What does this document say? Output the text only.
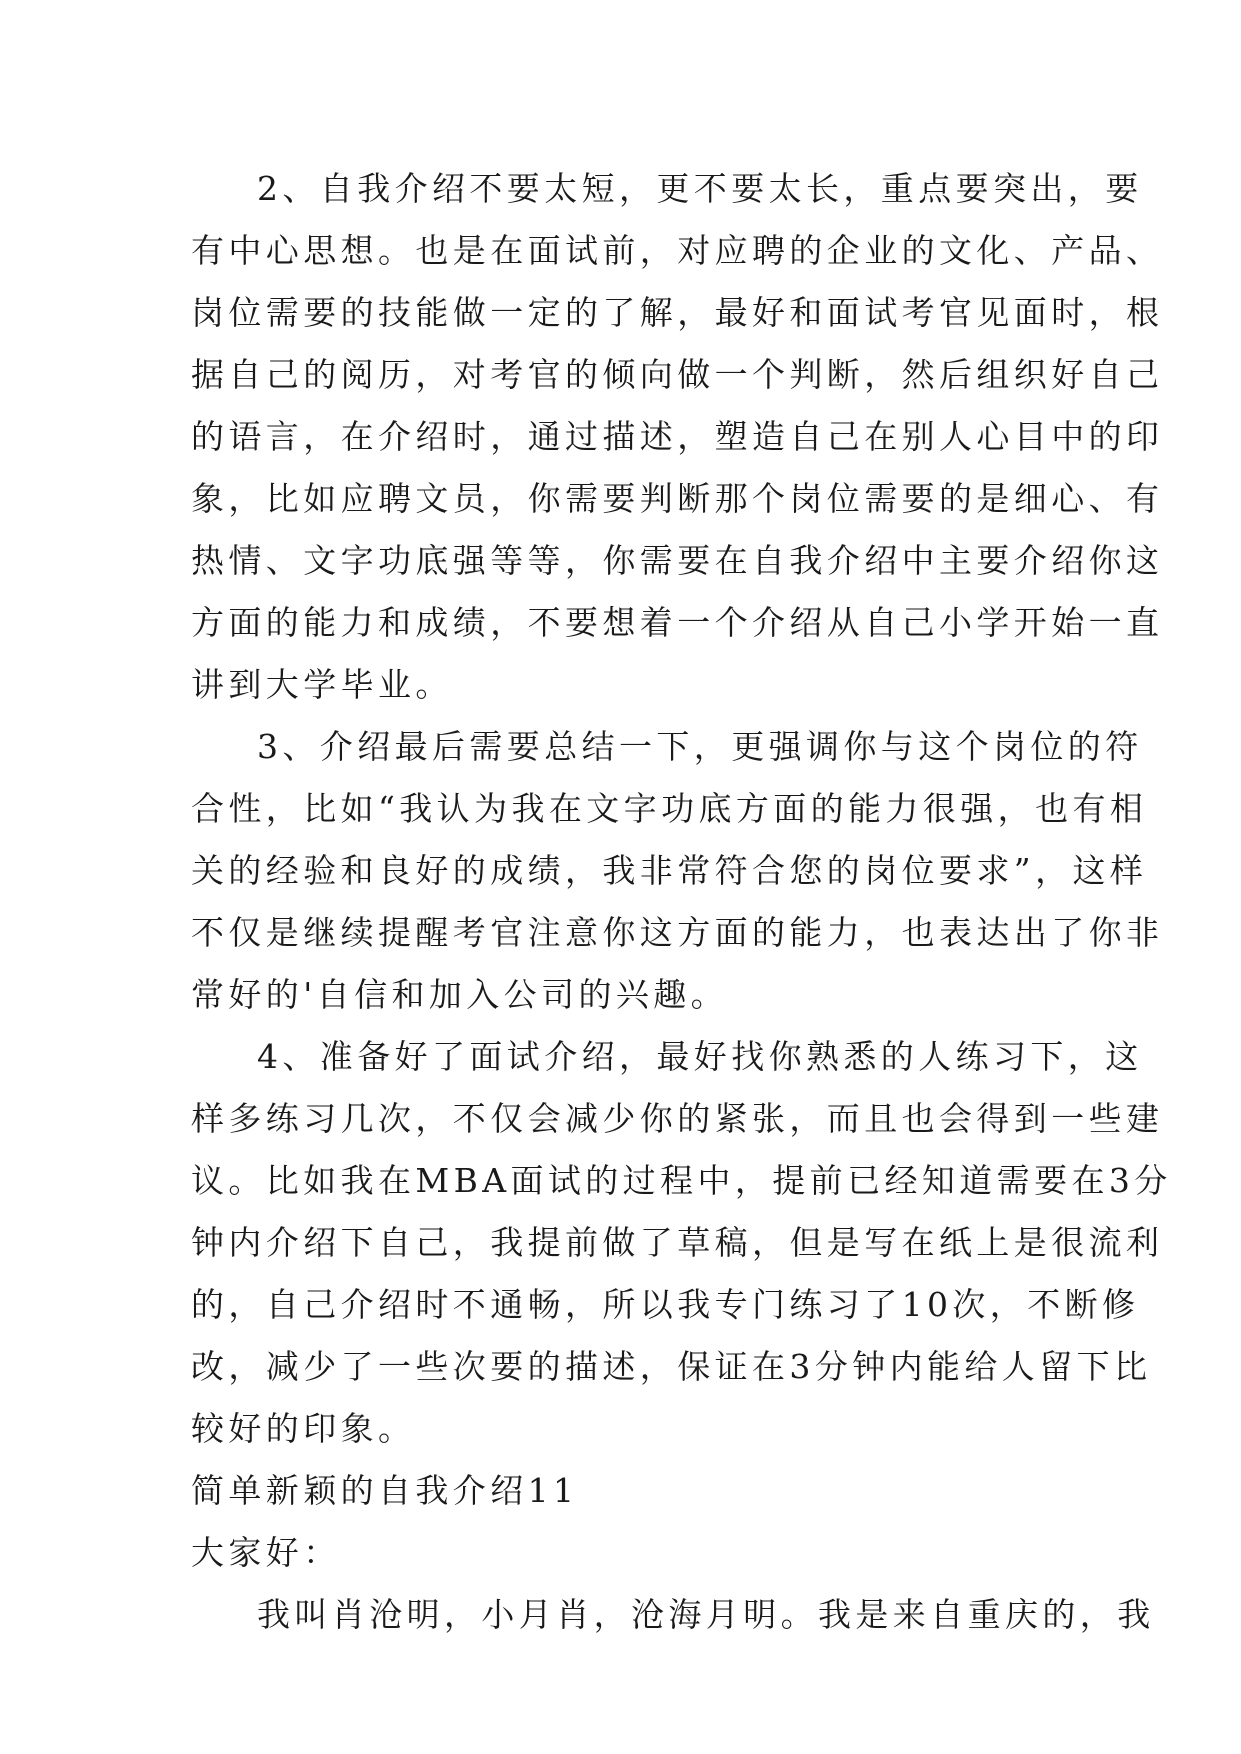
2、自我介绍不要太短，更不要太长，重点要突出，要
有中心思想。也是在面试前，对应聘的企业的文化、产品、
岗位需要的技能做一定的了解，最好和面试考官见面时，根
据自己的阅历，对考官的倾向做一个判断，然后组织好自己
的语言，在介绍时，通过描述，塑造自己在别人心目中的印
象，比如应聘文员，你需要判断那个岗位需要的是细心、有
热情、文字功底强等等，你需要在自我介绍中主要介绍你这
方面的能力和成绩，不要想着一个介绍从自己小学开始一直
讲到大学毕业。
3、介绍最后需要总结一下，更强调你与这个岗位的符
合性，比如“我认为我在文字功底方面的能力很强，也有相
关的经验和良好的成绩，我非常符合您的岗位要求”，这样
不仅是继续提醒考官注意你这方面的能力，也表达出了你非
常好的'自信和加入公司的兴趣。
4、准备好了面试介绍，最好找你熟悉的人练习下，这
样多练习几次，不仅会减少你的紧张，而且也会得到一些建
议。比如我在MBA面试的过程中，提前已经知道需要在3分
钟内介绍下自己，我提前做了草稿，但是写在纸上是很流利
的，自己介绍时不通畅，所以我专门练习了10次，不断修
改，减少了一些次要的描述，保证在3分钟内能给人留下比
较好的印象。
简单新颖的自我介绍11
大家好：
我叫肖沧明，小月肖，沧海月明。我是来自重庆的，我
